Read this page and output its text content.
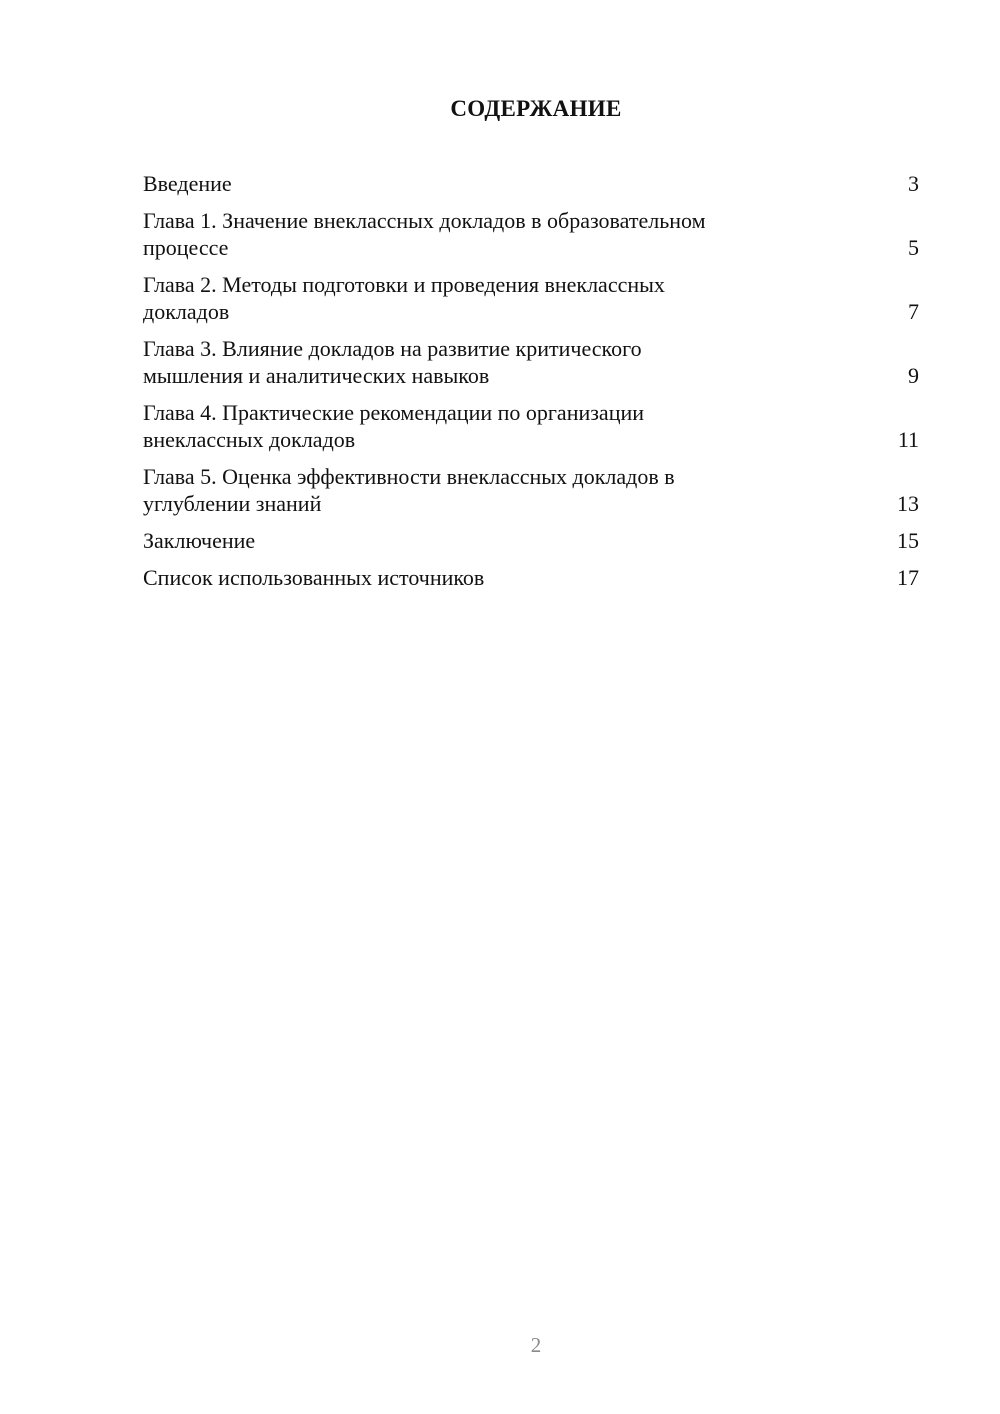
СОДЕРЖАНИЕ
Введение	3
Глава 1. Значение внеклассных докладов в образовательном
процессе	5
Глава 2. Методы подготовки и проведения внеклассных
докладов	7
Глава 3. Влияние докладов на развитие критического
мышления и аналитических навыков	9
Глава 4. Практические рекомендации по организации
внеклассных докладов	11
Глава 5. Оценка эффективности внеклассных докладов в
углублении знаний	13
Заключение	15
Список использованных источников	17
2
